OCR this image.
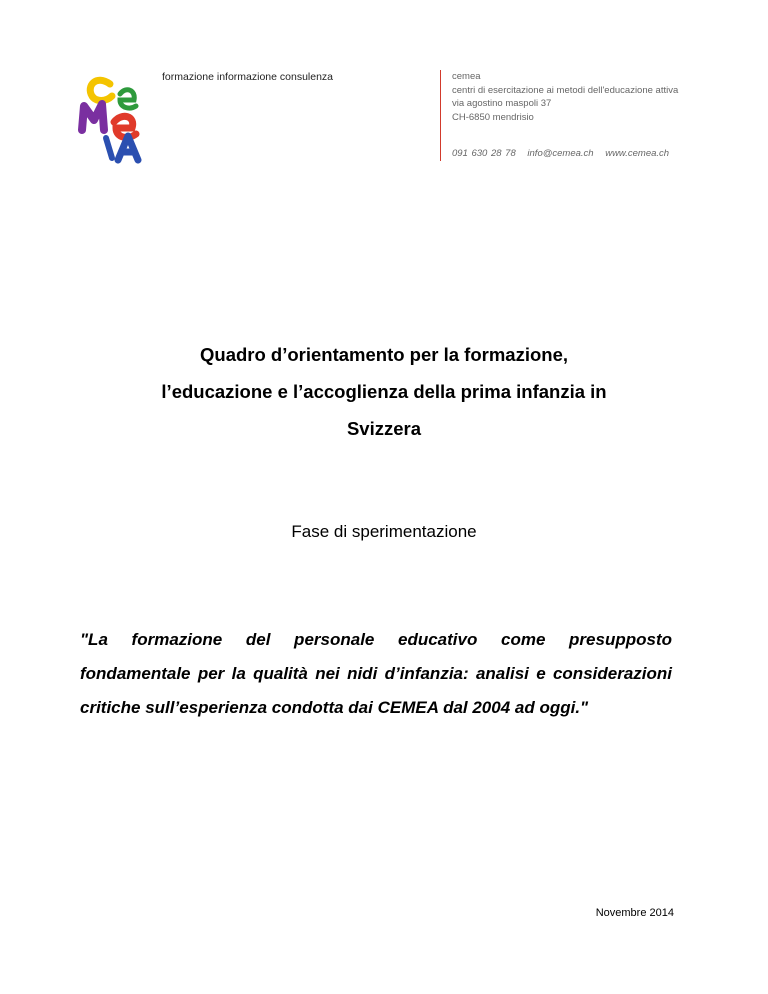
formazione informazione consulenza	cemea
centri di esercitazione ai metodi dell'educazione attiva
via agostino maspoli 37
CH-6850 mendrisio
091 630 28 78 info@cemea.ch www.cemea.ch
Quadro d’orientamento per la formazione,
l’educazione e l’accoglienza della prima infanzia in
Svizzera
Fase di sperimentazione
"La formazione del personale educativo come presupposto fondamentale per la qualità nei nidi d’infanzia: analisi e considerazioni critiche sull’esperienza condotta dai CEMEA dal 2004 ad oggi."
Novembre 2014
